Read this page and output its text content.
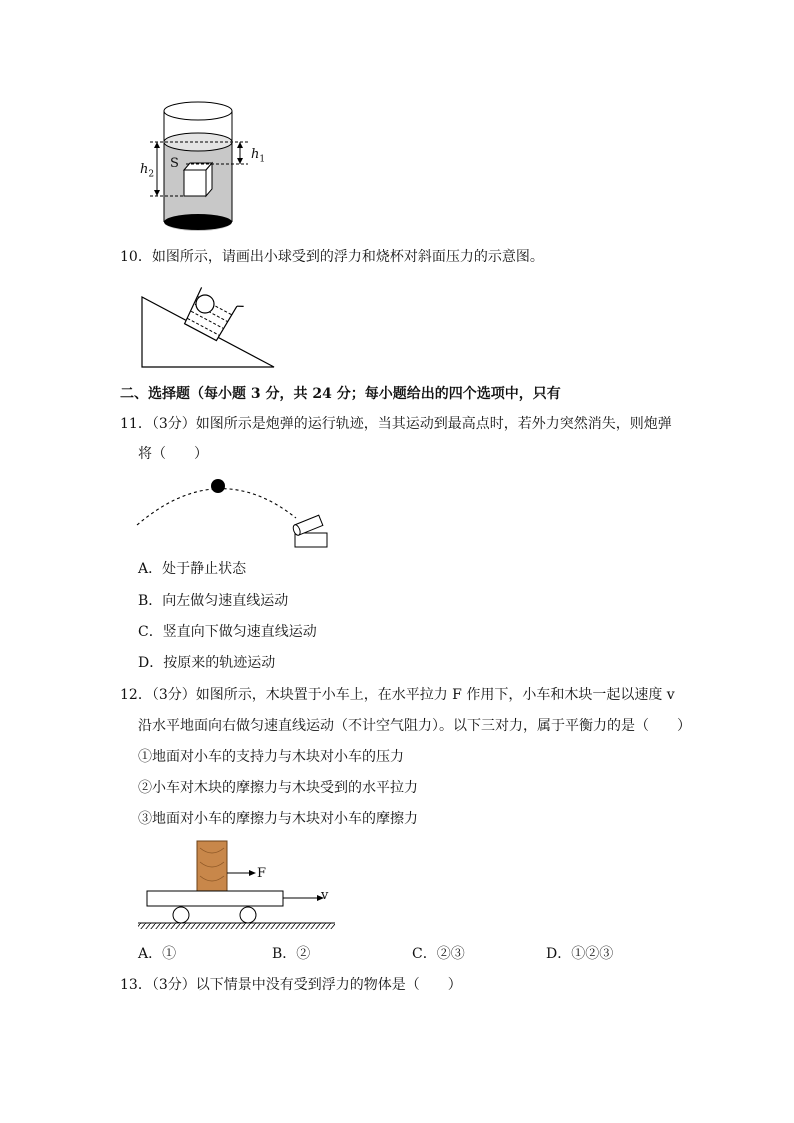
S
$h_1$
$h_2$
10．如图所示，请画出小球受到的浮力和烧杯对斜面压力的示意图。
二、选择题（每小题 3 分，共 24 分；每小题给出的四个选项中，只有
11．（3分）如图所示是炮弹的运行轨迹，当其运动到最高点时，若外力突然消失，则炮弹
将（　　）
A．处于静止状态
B．向左做匀速直线运动
C．竖直向下做匀速直线运动
D．按原来的轨迹运动
12．（3分）如图所示，木块置于小车上，在水平拉力 F 作用下，小车和木块一起以速度 v
沿水平地面向右做匀速直线运动（不计空气阻力）。以下三对力，属于平衡力的是（　　）
①地面对小车的支持力与木块对小车的压力
②小车对木块的摩擦力与木块受到的水平拉力
③地面对小车的摩擦力与木块对小车的摩擦力
F
v
A．①	B．②	C．②③	D．①②③
13．（3分）以下情景中没有受到浮力的物体是（　　）
